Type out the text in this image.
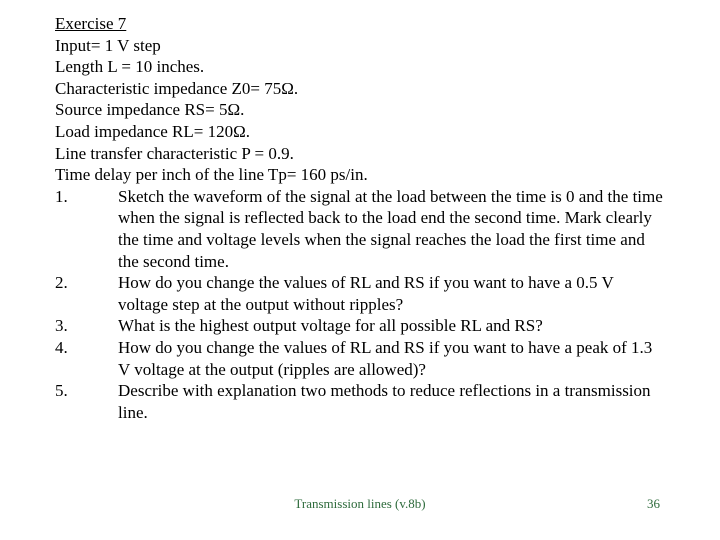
Exercise 7
Input= 1 V step
Length L = 10 inches.
Characteristic impedance Z0= 75Ω.
Source impedance RS= 5Ω.
Load impedance RL= 120Ω.
Line transfer characteristic P = 0.9.
Time delay per inch of the line Tp= 160 ps/in.
1.	Sketch the waveform of the signal at the load between the time is 0 and the time when the signal is reflected back to the load end the second time. Mark clearly the time and voltage levels when the signal reaches the load the first time and the second time.
2.	How do you change the values of RL and RS if you want to have a 0.5 V voltage step at the output without ripples?
3.	What is the highest output voltage for all possible RL and RS?
4.	How do you change the values of RL and RS if you want to have a peak of 1.3 V voltage at the output (ripples are allowed)?
5.	Describe with explanation two methods to reduce reflections in a transmission line.
Transmission lines (v.8b)	36
